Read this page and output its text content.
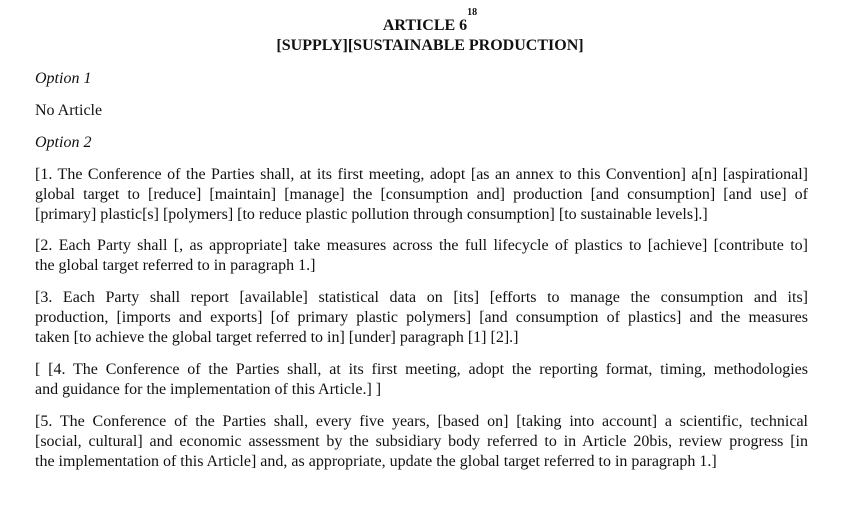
ARTICLE $6^{18}$
[SUPPLY][SUSTAINABLE PRODUCTION]
Option 1
No Article
Option 2
[1. The Conference of the Parties shall, at its first meeting, adopt [as an annex to this Convention] a[n] [aspirational]
global target to [reduce] [maintain] [manage] the [consumption and] production [and consumption] [and use] of
[primary] plastic[s] [polymers] [to reduce plastic pollution through consumption] [to sustainable levels].]
[2. Each Party shall [, as appropriate] take measures across the full lifecycle of plastics to [achieve] [contribute to]
the global target referred to in paragraph 1.]
[3. Each Party shall report [available] statistical data on [its] [efforts to manage the consumption and its]
production, [imports and exports] [of primary plastic polymers] [and consumption of plastics] and the measures
taken [to achieve the global target referred to in] [under] paragraph [1] [2].]
[ [4. The Conference of the Parties shall, at its first meeting, adopt the reporting format, timing, methodologies
and guidance for the implementation of this Article.] ]
[5. The Conference of the Parties shall, every five years, [based on] [taking into account] a scientific, technical
[social, cultural] and economic assessment by the subsidiary body referred to in Article 20bis, review progress [in
the implementation of this Article] and, as appropriate, update the global target referred to in paragraph 1.]
